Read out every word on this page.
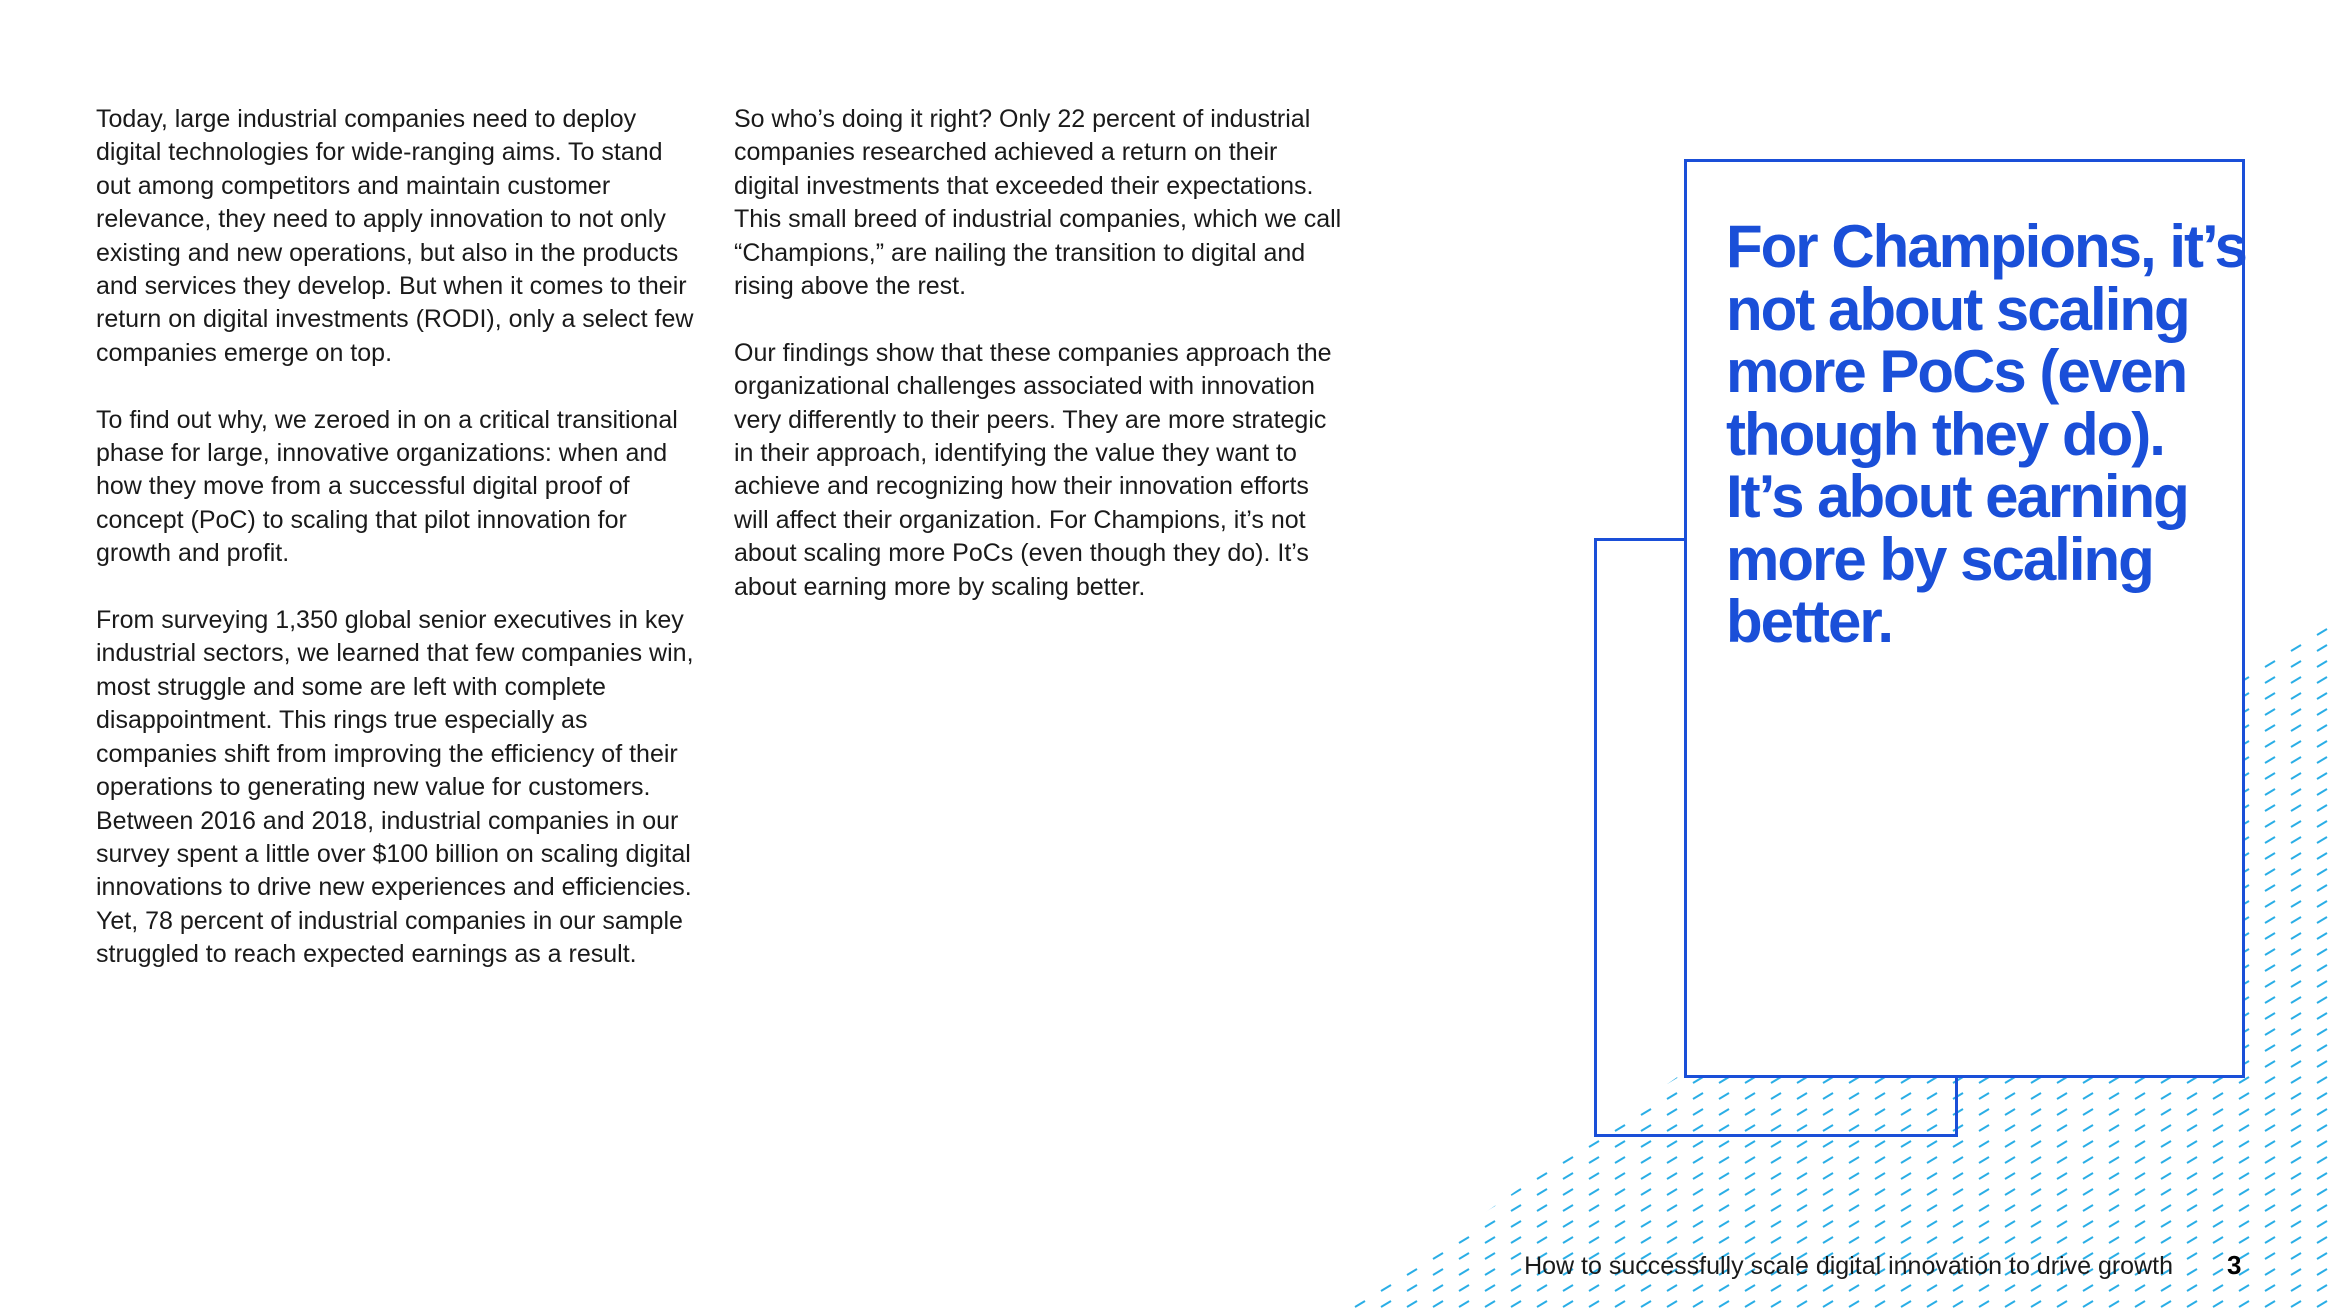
Today, large industrial companies need to deploy digital technologies for wide-ranging aims. To stand out among competitors and maintain customer relevance, they need to apply innovation to not only existing and new operations, but also in the products and services they develop. But when it comes to their return on digital investments (RODI), only a select few companies emerge on top.

To find out why, we zeroed in on a critical transitional phase for large, innovative organizations: when and how they move from a successful digital proof of concept (PoC) to scaling that pilot innovation for growth and profit.

From surveying 1,350 global senior executives in key industrial sectors, we learned that few companies win, most struggle and some are left with complete disappointment. This rings true especially as companies shift from improving the efficiency of their operations to generating new value for customers. Between 2016 and 2018, industrial companies in our survey spent a little over $100 billion on scaling digital innovations to drive new experiences and efficiencies. Yet, 78 percent of industrial companies in our sample struggled to reach expected earnings as a result.

So who’s doing it right? Only 22 percent of industrial companies researched achieved a return on their digital investments that exceeded their expectations. This small breed of industrial companies, which we call “Champions,” are nailing the transition to digital and rising above the rest.

Our findings show that these companies approach the organizational challenges associated with innovation very differently to their peers. They are more strategic in their approach, identifying the value they want to achieve and recognizing how their innovation efforts will affect their organization. For Champions, it’s not about scaling more PoCs (even though they do). It’s about earning more by scaling better.

For Champions, it’s not about scaling more PoCs (even though they do). It’s about earning more by scaling better.

How to successfully scale digital innovation to drive growth 3
